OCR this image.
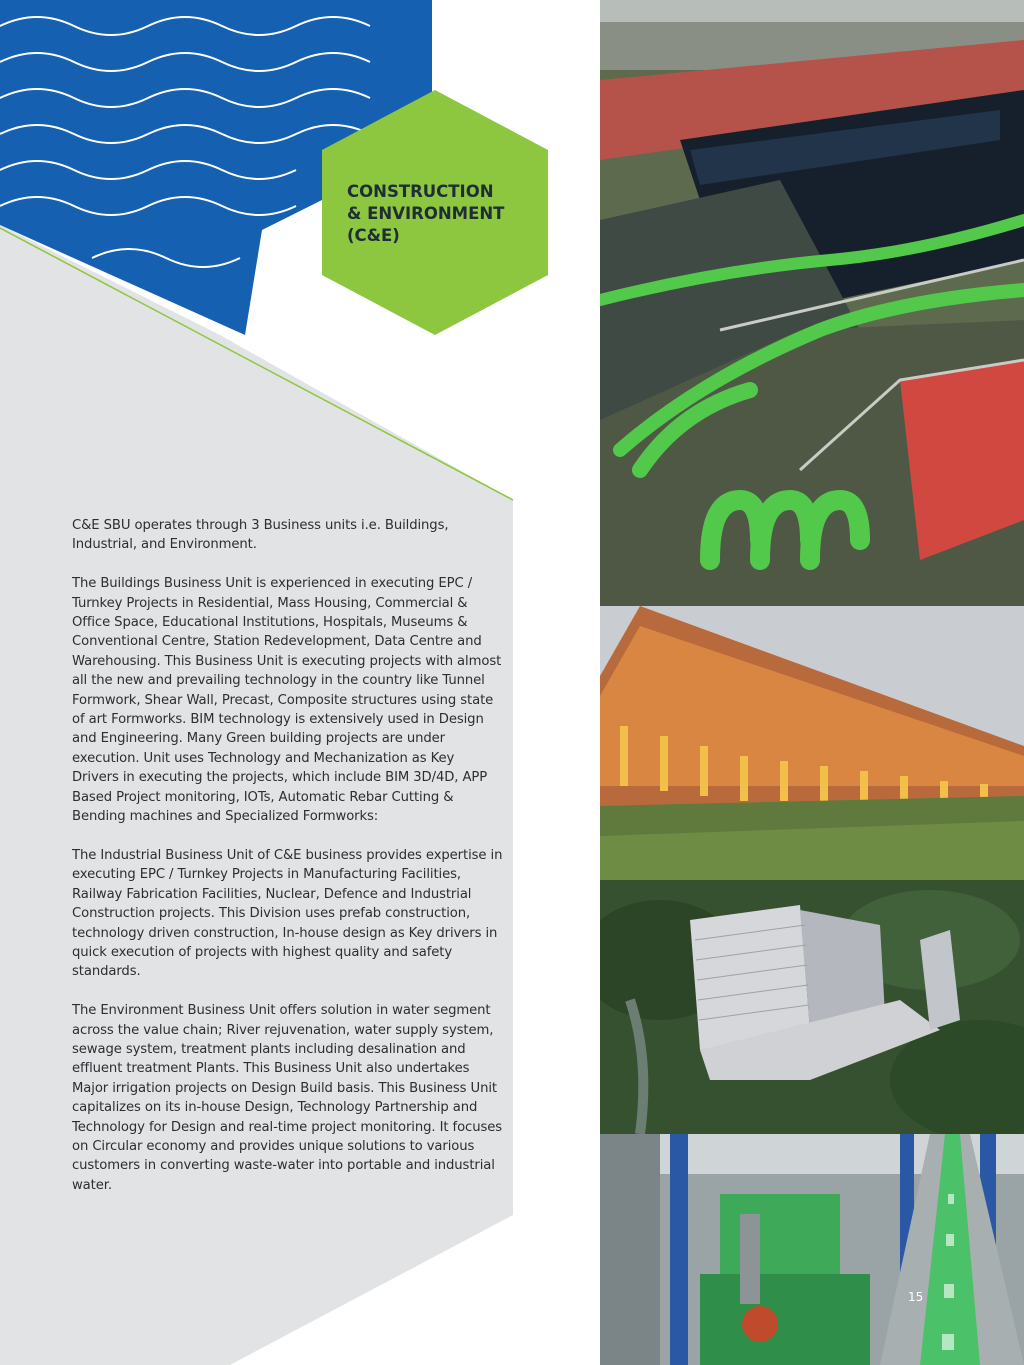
CONSTRUCTION
& ENVIRONMENT
(C&E)

C&E SBU operates through 3 Business units i.e. Buildings, Industrial, and Environment.

The Buildings Business Unit is experienced in executing EPC / Turnkey Projects in Residential, Mass Housing, Commercial & Office Space, Educational Institutions, Hospitals, Museums & Conventional Centre, Station Redevelopment, Data Centre and Warehousing. This Business Unit is executing projects with almost all the new and prevailing technology in the country like Tunnel Formwork, Shear Wall, Precast, Composite structures using state of art Formworks. BIM technology is extensively used in Design and Engineering. Many Green building projects are under execution. Unit uses Technology and Mechanization as Key Drivers in executing the projects, which include BIM 3D/4D, APP Based Project monitoring, IOTs, Automatic Rebar Cutting & Bending machines and Specialized Formworks:

The Industrial Business Unit of C&E business provides expertise in executing EPC / Turnkey Projects in Manufacturing Facilities, Railway Fabrication Facilities, Nuclear, Defence and Industrial Construction projects. This Division uses prefab construction, technology driven construction, In-house design as Key drivers in quick execution of projects with highest quality and safety standards.

The Environment Business Unit offers solution in water segment across the value chain; River rejuvenation, water supply system, sewage system, treatment plants including desalination and effluent treatment Plants. This Business Unit also undertakes Major irrigation projects on Design Build basis. This Business Unit capitalizes on its in-house Design, Technology Partnership and Technology for Design and real-time project monitoring. It focuses on Circular economy and provides unique solutions to various customers in converting waste-water into portable and industrial water.

15
